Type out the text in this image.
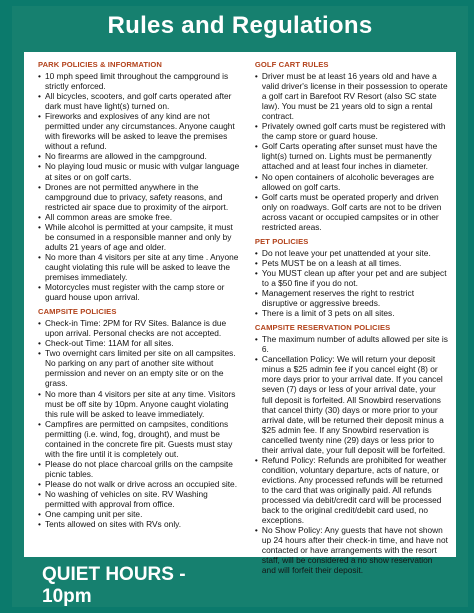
Rules and Regulations
PARK POLICIES & INFORMATION
• 10 mph speed limit throughout the campground is strictly enforced.
• All bicycles, scooters, and golf carts operated after dark must have light(s) turned on.
• Fireworks and explosives of any kind are not permitted under any circumstances. Anyone caught with fireworks will be asked to leave the premises without a refund.
• No firearms are allowed in the campground.
• No playing loud music or music with vulgar language at sites or on golf carts.
• Drones are not permitted anywhere in the campground due to privacy, safety reasons, and restricted air space due to proximity of the airport.
• All common areas are smoke free.
• While alcohol is permitted at your campsite, it must be consumed in a responsible manner and only by adults 21 years of age and older.
• No more than 4 visitors per site at any time . Anyone caught violating this rule will be asked to leave the premises immediately.
• Motorcycles must register with the camp store or guard house upon arrival.
CAMPSITE POLICIES
• Check-in Time: 2PM for RV Sites. Balance is due upon arrival. Personal checks are not accepted.
• Check-out Time: 11AM for all sites.
• Two overnight cars limited per site on all campsites. No parking on any part of another site without permission and never on an empty site or on the grass.
• No more than 4 visitors per site at any time. Visitors must be off site by 10pm. Anyone caught violating this rule will be asked to leave immediately.
• Campfires are permitted on campsites, conditions permitting (i.e. wind, fog, drought), and must be contained in the concrete fire pit. Guests must stay with the fire until it is completely out.
• Please do not place charcoal grills on the campsite picnic tables.
• Please do not walk or drive across an occupied site.
• No washing of vehicles on site. RV Washing permitted with approval from office.
• One camping unit per site.
• Tents allowed on sites with RVs only.
GOLF CART RULES
• Driver must be at least 16 years old and have a valid driver's license in their possession to operate a golf cart in Barefoot RV Resort (also SC state law). You must be 21 years old to sign a rental contract.
• Privately owned golf carts must be registered with the camp store or guard house.
• Golf Carts operating after sunset must have the light(s) turned on. Lights must be permanently attached and at least four inches in diameter.
• No open containers of alcoholic beverages are allowed on golf carts.
• Golf carts must be operated properly and driven only on roadways. Golf carts are not to be driven across vacant or occupied campsites or in other restricted areas.
PET POLICIES
• Do not leave your pet unattended at your site.
• Pets MUST be on a leash at all times.
• You MUST clean up after your pet and are subject to a $50 fine if you do not.
• Management reserves the right to restrict disruptive or aggressive breeds.
• There is a limit of 3 pets on all sites.
CAMPSITE RESERVATION POLICIES
• The maximum number of adults allowed per site is 6.
• Cancellation Policy: We will return your deposit minus a $25 admin fee if you cancel eight (8) or more days prior to your arrival date. If you cancel seven (7) days or less of your arrival date, your full deposit is forfeited. All Snowbird reservations that cancel thirty (30) days or more prior to your arrival date, will be returned their deposit minus a $25 admin fee. If any Snowbird reservation is cancelled twenty nine (29) days or less prior to their arrival date, your full deposit will be forfeited.
• Refund Policy: Refunds are prohibited for weather condition, voluntary departure, acts of nature, or evictions. Any processed refunds will be returned to the card that was originally paid. All refunds processed via debit/credit card will be processed back to the original credit/debit card used, no exceptions.
• No Show Policy: Any guests that have not shown up 24 hours after their check-in time, and have not contacted or have arrangements with the resort staff, will be considered a no show reservation and will forfeit their deposit.
QUIET HOURS - 10pm
